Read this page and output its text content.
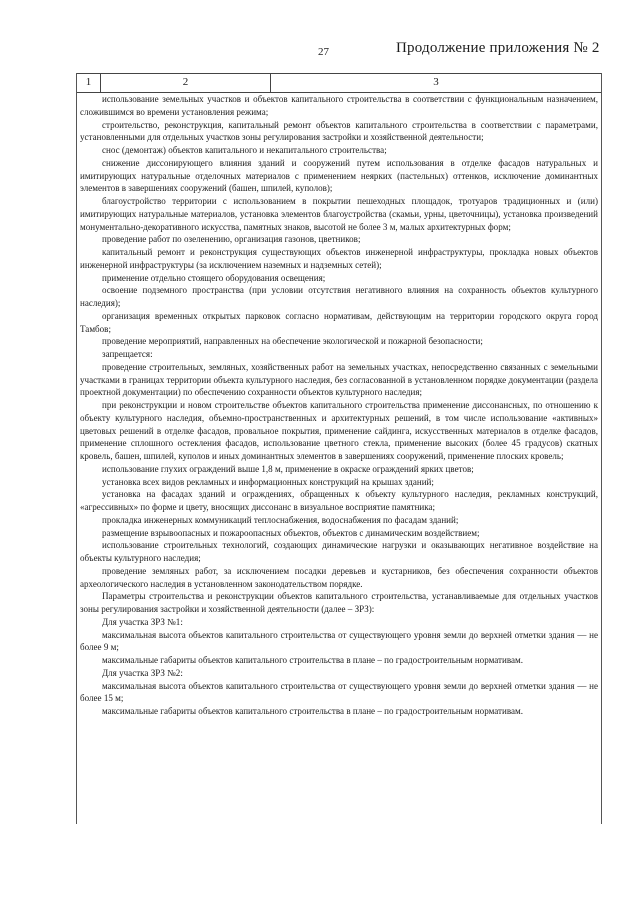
27	Продолжение приложения № 2
1	2	3

использование земельных участков и объектов капитального строительства в соответствии с функциональным назначением, сложившимся во времени установления режима;

строительство, реконструкция, капитальный ремонт объектов капитального строительства в соответствии с параметрами, установленными для отдельных участков зоны регулирования застройки и хозяйственной деятельности;

снос (демонтаж) объектов капитального и некапитального строительства;

снижение диссонирующего влияния зданий и сооружений путем использования в отделке фасадов натуральных и имитирующих натуральные отделочных материалов с применением неярких (пастельных) оттенков, исключение доминантных элементов в завершениях сооружений (башен, шпилей, куполов);

благоустройство территории с использованием в покрытии пешеходных площадок, тротуаров традиционных и (или) имитирующих натуральные материалов, установка элементов благоустройства (скамьи, урны, цветочницы), установка произведений монументально-декоративного искусства, памятных знаков, высотой не более 3 м, малых архитектурных форм;

проведение работ по озеленению, организация газонов, цветников;

капитальный ремонт и реконструкция существующих объектов инженерной инфраструктуры, прокладка новых объектов инженерной инфраструктуры (за исключением наземных и надземных сетей);

применение отдельно стоящего оборудования освещения;

освоение подземного пространства (при условии отсутствия негативного влияния на сохранность объектов культурного наследия);

организация временных открытых парковок согласно нормативам, действующим на территории городского округа город Тамбов;

проведение мероприятий, направленных на обеспечение экологической и пожарной безопасности;

запрещается:

проведение строительных, земляных, хозяйственных работ на земельных участках, непосредственно связанных с земельными участками в границах территории объекта культурного наследия, без согласованной в установленном порядке документации (раздела проектной документации) по обеспечению сохранности объектов культурного наследия;

при реконструкции и новом строительстве объектов капитального строительства применение диссонансных, по отношению к объекту культурного наследия, объемно-пространственных и архитектурных решений, в том числе использование «активных» цветовых решений в отделке фасадов, провальное покрытия, применение сайдинга, искусственных материалов в отделке фасадов, применение сплошного остекления фасадов, использование цветного стекла, применение высоких (более 45 градусов) скатных кровель, башен, шпилей, куполов и иных доминантных элементов в завершениях сооружений, применение плоских кровель;

использование глухих ограждений выше 1,8 м, применение в окраске ограждений ярких цветов;

установка всех видов рекламных и информационных конструкций на крышах зданий;

установка на фасадах зданий и ограждениях, обращенных к объекту культурного наследия, рекламных конструкций, «агрессивных» по форме и цвету, вносящих диссонанс в визуальное восприятие памятника;

прокладка инженерных коммуникаций теплоснабжения, водоснабжения по фасадам зданий;

размещение взрывоопасных и пожароопасных объектов, объектов с динамическим воздействием;

использование строительных технологий, создающих динамические нагрузки и оказывающих негативное воздействие на объекты культурного наследия;

проведение земляных работ, за исключением посадки деревьев и кустарников, без обеспечения сохранности объектов археологического наследия в установленном законодательством порядке.

Параметры строительства и реконструкции объектов капитального строительства, устанавливаемые для отдельных участков зоны регулирования застройки и хозяйственной деятельности (далее – ЗРЗ):

Для участка ЗРЗ №1:

максимальная высота объектов капитального строительства от существующего уровня земли до верхней отметки здания — не более 9 м;

максимальные габариты объектов капитального строительства в плане – по градостроительным нормативам.

Для участка ЗРЗ №2:

максимальная высота объектов капитального строительства от существующего уровня земли до верхней отметки здания — не более 15 м;

максимальные габариты объектов капитального строительства в плане – по градостроительным нормативам.
